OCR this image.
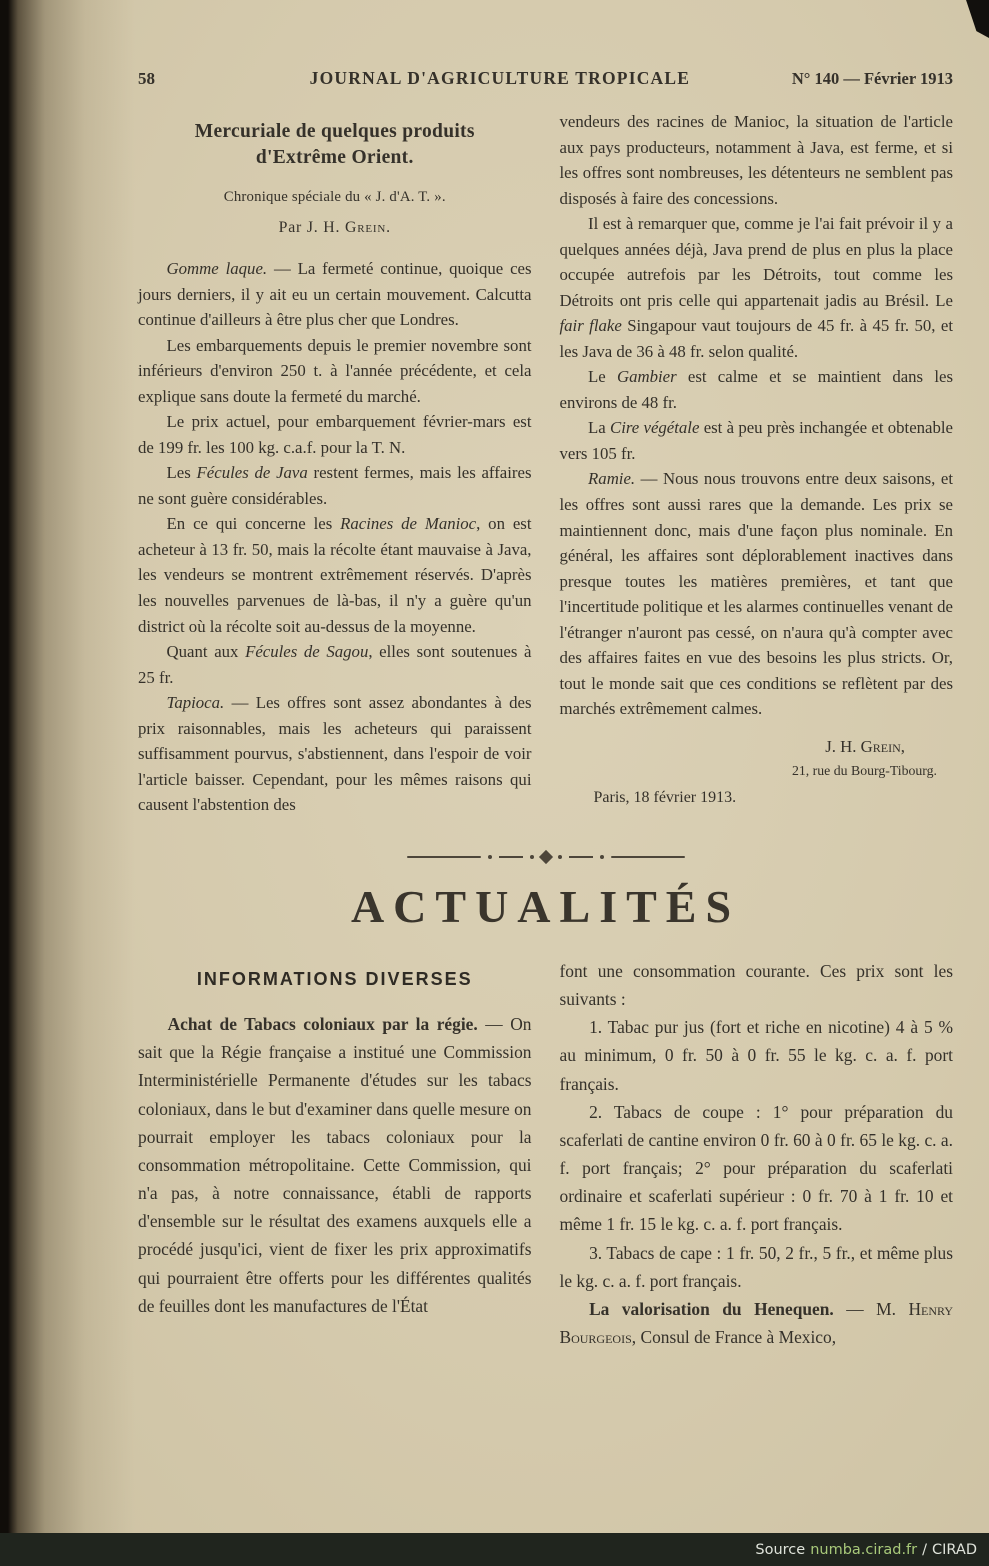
58	JOURNAL D'AGRICULTURE TROPICALE	N° 140 — Février 1913
Mercuriale de quelques produits
d'Extrême Orient.

Chronique spéciale du « J. d'A. T. ».

Par J. H. Grein.

Gomme laque. — La fermeté continue, quoique ces jours derniers, il y ait eu un certain mouvement. Calcutta continue d'ailleurs à être plus cher que Londres.

Les embarquements depuis le premier novembre sont inférieurs d'environ 250 t. à l'année précédente, et cela explique sans doute la fermeté du marché.

Le prix actuel, pour embarquement février-mars est de 199 fr. les 100 kg. c.a.f. pour la T. N.

Les Fécules de Java restent fermes, mais les affaires ne sont guère considérables.

En ce qui concerne les Racines de Manioc, on est acheteur à 13 fr. 50, mais la récolte étant mauvaise à Java, les vendeurs se montrent extrêmement réservés. D'après les nouvelles parvenues de là-bas, il n'y a guère qu'un district où la récolte soit au-dessus de la moyenne.

Quant aux Fécules de Sagou, elles sont soutenues à 25 fr.

Tapioca. — Les offres sont assez abondantes à des prix raisonnables, mais les acheteurs qui paraissent suffisamment pourvus, s'abstiennent, dans l'espoir de voir l'article baisser. Cependant, pour les mêmes raisons qui causent l'abstention des

vendeurs des racines de Manioc, la situation de l'article aux pays producteurs, notamment à Java, est ferme, et si les offres sont nombreuses, les détenteurs ne semblent pas disposés à faire des concessions.

Il est à remarquer que, comme je l'ai fait prévoir il y a quelques années déjà, Java prend de plus en plus la place occupée autrefois par les Détroits, tout comme les Détroits ont pris celle qui appartenait jadis au Brésil. Le fair flake Singapour vaut toujours de 45 fr. à 45 fr. 50, et les Java de 36 à 48 fr. selon qualité.

Le Gambier est calme et se maintient dans les environs de 48 fr.

La Cire végétale est à peu près inchangée et obtenable vers 105 fr.

Ramie. — Nous nous trouvons entre deux saisons, et les offres sont aussi rares que la demande. Les prix se maintiennent donc, mais d'une façon plus nominale. En général, les affaires sont déplorablement inactives dans presque toutes les matières premières, et tant que l'incertitude politique et les alarmes continuelles venant de l'étranger n'auront pas cessé, on n'aura qu'à compter avec des affaires faites en vue des besoins les plus stricts. Or, tout le monde sait que ces conditions se reflètent par des marchés extrêmement calmes.

J. H. Grein,

21, rue du Bourg-Tibourg.

Paris, 18 février 1913.

ACTUALITÉS
INFORMATIONS DIVERSES

Achat de Tabacs coloniaux par la régie. — On sait que la Régie française a institué une Commission Interministérielle Permanente d'études sur les tabacs coloniaux, dans le but d'examiner dans quelle mesure on pourrait employer les tabacs coloniaux pour la consommation métropolitaine. Cette Commission, qui n'a pas, à notre connaissance, établi de rapports d'ensemble sur le résultat des examens auxquels elle a procédé jusqu'ici, vient de fixer les prix approximatifs qui pourraient être offerts pour les différentes qualités de feuilles dont les manufactures de l'État

font une consommation courante. Ces prix sont les suivants :

1. Tabac pur jus (fort et riche en nicotine) 4 à 5 % au minimum, 0 fr. 50 à 0 fr. 55 le kg. c. a. f. port français.

2. Tabacs de coupe : 1° pour préparation du scaferlati de cantine environ 0 fr. 60 à 0 fr. 65 le kg. c. a. f. port français; 2° pour préparation du scaferlati ordinaire et scaferlati supérieur : 0 fr. 70 à 1 fr. 10 et même 1 fr. 15 le kg. c. a. f. port français.

3. Tabacs de cape : 1 fr. 50, 2 fr., 5 fr., et même plus le kg. c. a. f. port français.

La valorisation du Henequen. — M. Henry Bourgeois, Consul de France à Mexico,

Source numba.cirad.fr / CIRAD
